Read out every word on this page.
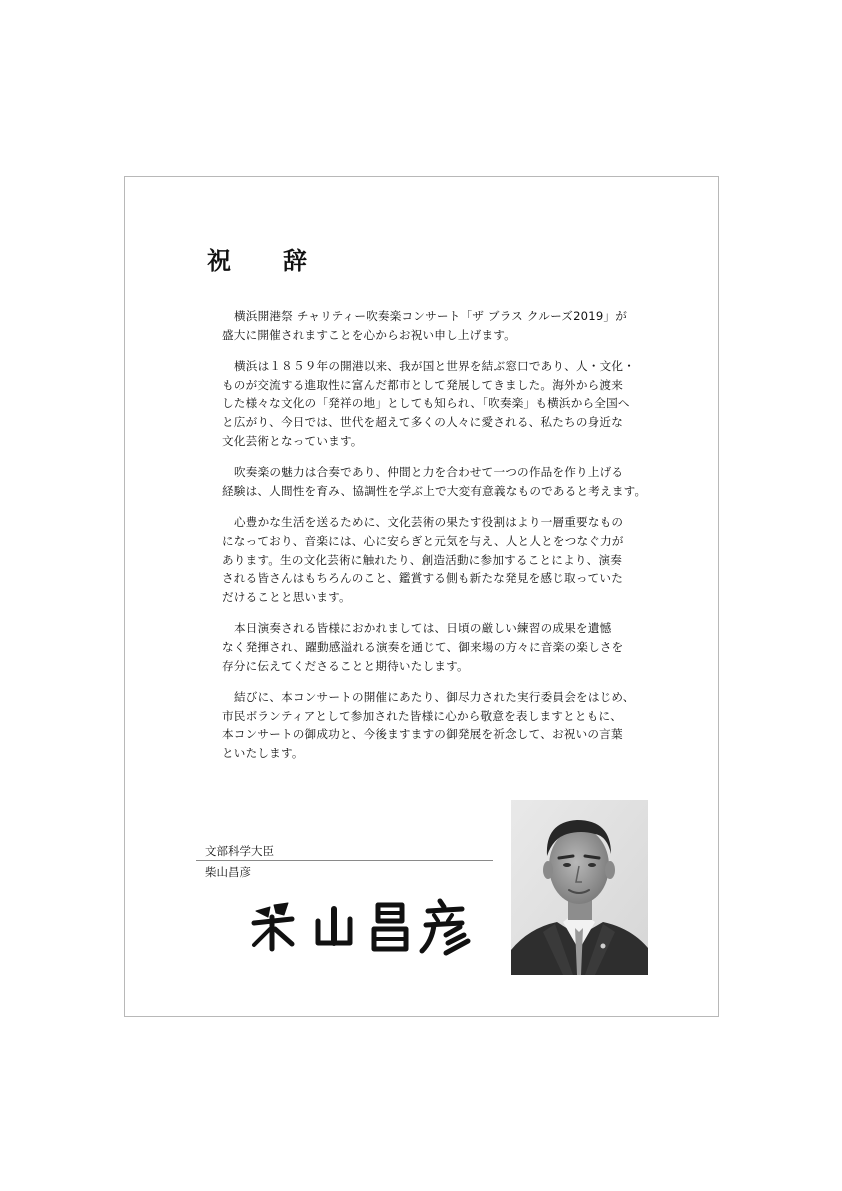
祝　辞

横浜開港祭 チャリティー吹奏楽コンサート「ザ ブラス クルーズ2019」が
盛大に開催されますことを心からお祝い申し上げます。

横浜は１８５９年の開港以来、我が国と世界を結ぶ窓口であり、人・文化・
ものが交流する進取性に富んだ都市として発展してきました。海外から渡来
した様々な文化の「発祥の地」としても知られ、「吹奏楽」も横浜から全国へ
と広がり、今日では、世代を超えて多くの人々に愛される、私たちの身近な
文化芸術となっています。

吹奏楽の魅力は合奏であり、仲間と力を合わせて一つの作品を作り上げる
経験は、人間性を育み、協調性を学ぶ上で大変有意義なものであると考えます。

心豊かな生活を送るために、文化芸術の果たす役割はより一層重要なもの
になっており、音楽には、心に安らぎと元気を与え、人と人とをつなぐ力が
あります。生の文化芸術に触れたり、創造活動に参加することにより、演奏
される皆さんはもちろんのこと、鑑賞する側も新たな発見を感じ取っていた
だけることと思います。

本日演奏される皆様におかれましては、日頃の厳しい練習の成果を遺憾
なく発揮され、躍動感溢れる演奏を通じて、御来場の方々に音楽の楽しさを
存分に伝えてくださることと期待いたします。

結びに、本コンサートの開催にあたり、御尽力された実行委員会をはじめ、
市民ボランティアとして参加された皆様に心から敬意を表しますとともに、
本コンサートの御成功と、今後ますますの御発展を祈念して、お祝いの言葉
といたします。

文部科学大臣
柴山昌彦
